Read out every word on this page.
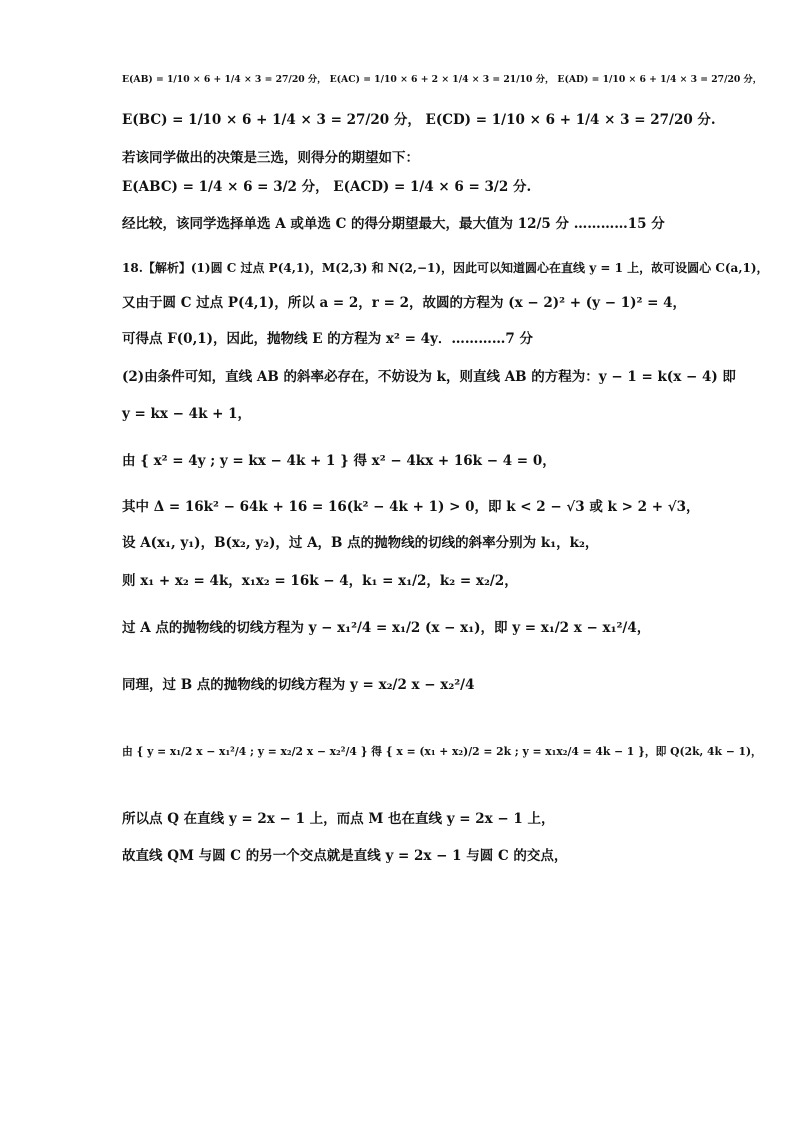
E(AB) = 1/10 × 6 + 1/4 × 3 = 27/20 分， E(AC) = 1/10 × 6 + 2 × 1/4 × 3 = 21/10 分， E(AD) = 1/10 × 6 + 1/4 × 3 = 27/20 分，
E(BC) = 1/10 × 6 + 1/4 × 3 = 27/20 分， E(CD) = 1/10 × 6 + 1/4 × 3 = 27/20 分.
若该同学做出的决策是三选，则得分的期望如下：
E(ABC) = 1/4 × 6 = 3/2 分， E(ACD) = 1/4 × 6 = 3/2 分.
经比较，该同学选择单选 A 或单选 C 的得分期望最大，最大值为 12/5 分 …………15 分
18.【解析】(1)圆 C 过点 P(4,1)，M(2,3) 和 N(2,−1)，因此可以知道圆心在直线 y = 1 上，故可设圆心 C(a,1)，
又由于圆 C 过点 P(4,1)，所以 a = 2，r = 2，故圆的方程为 (x − 2)² + (y − 1)² = 4，
可得点 F(0,1)，因此，抛物线 E 的方程为 x² = 4y．…………7 分
(2)由条件可知，直线 AB 的斜率必存在，不妨设为 k，则直线 AB 的方程为：y − 1 = k(x − 4) 即
y = kx − 4k + 1，
由 { x² = 4y ; y = kx − 4k + 1 } 得 x² − 4kx + 16k − 4 = 0，
其中 Δ = 16k² − 64k + 16 = 16(k² − 4k + 1) > 0，即 k < 2 − √3 或 k > 2 + √3，
设 A(x₁, y₁)，B(x₂, y₂)，过 A，B 点的抛物线的切线的斜率分别为 k₁，k₂，
则 x₁ + x₂ = 4k，x₁x₂ = 16k − 4，k₁ = x₁/2，k₂ = x₂/2，
过 A 点的抛物线的切线方程为 y − x₁²/4 = x₁/2 (x − x₁)，即 y = x₁/2 x − x₁²/4，
同理，过 B 点的抛物线的切线方程为 y = x₂/2 x − x₂²/4
由 { y = x₁/2 x − x₁²/4 ; y = x₂/2 x − x₂²/4 } 得 { x = (x₁ + x₂)/2 = 2k ; y = x₁x₂/4 = 4k − 1 }，即 Q(2k, 4k − 1)，
所以点 Q 在直线 y = 2x − 1 上，而点 M 也在直线 y = 2x − 1 上，
故直线 QM 与圆 C 的另一个交点就是直线 y = 2x − 1 与圆 C 的交点，
